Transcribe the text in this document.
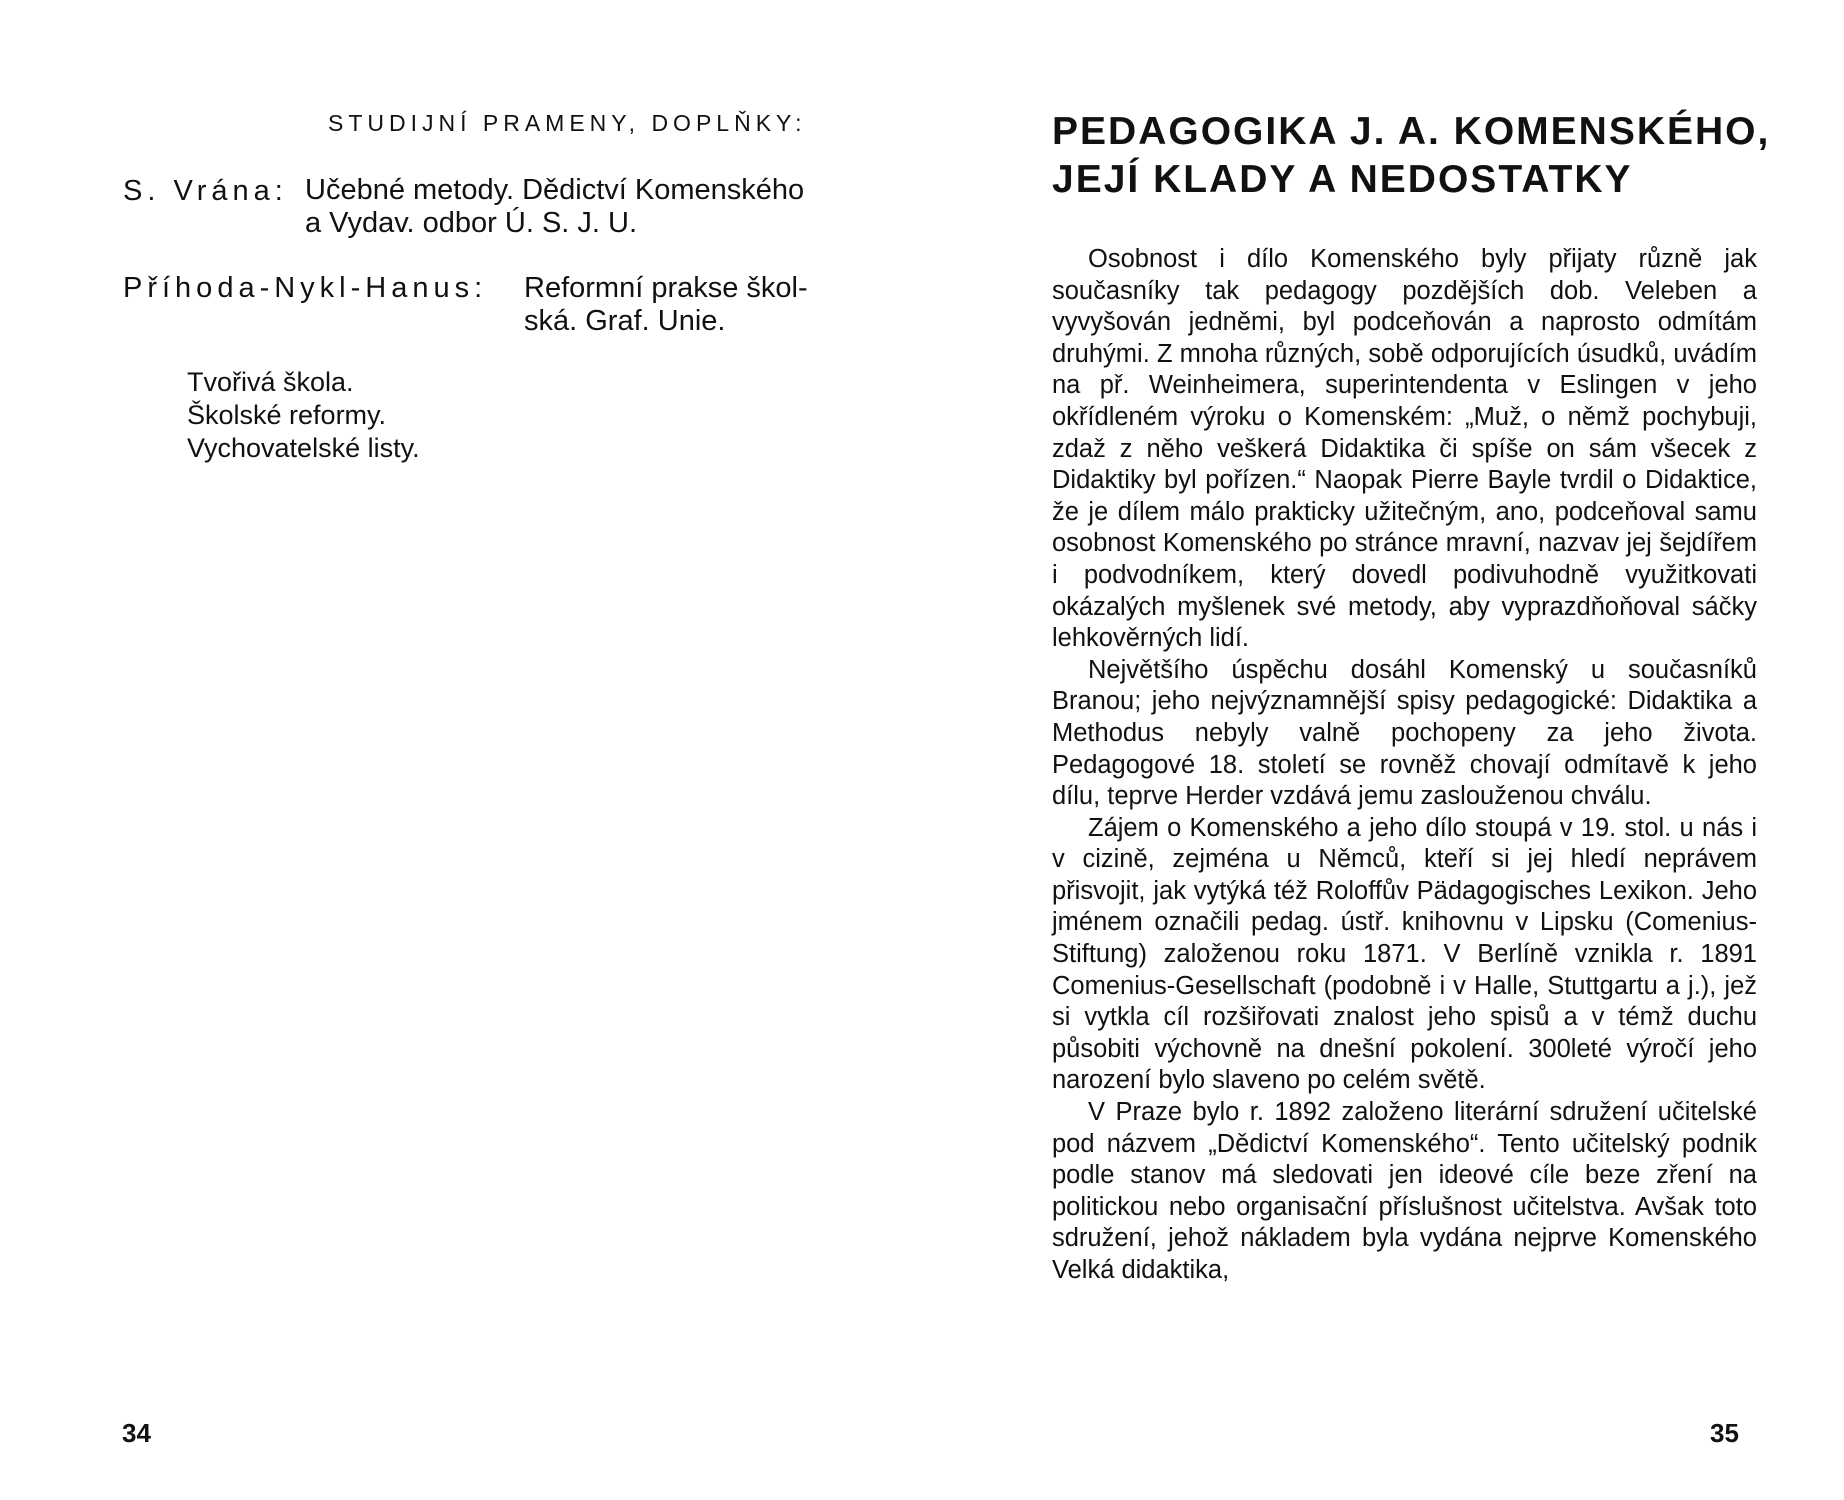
STUDIJNÍ PRAMENY, DOPLŇKY:
S. Vrána: Učebné metody. Dědictví Komenského
a Vydav. odbor Ú. S. J. U.
Příhoda-Nykl-Hanus: Reformní prakse škol-
ská. Graf. Unie.
Tvořivá škola.
Školské reformy.
Vychovatelské listy.
34
PEDAGOGIKA J. A. KOMENSKÉHO,
JEJÍ KLADY A NEDOSTATKY

Osobnost i dílo Komenského byly přijaty různě jak současníky tak pedagogy pozdějších dob. Veleben a vyvyšován jedněmi, byl podceňován a naprosto odmítám druhými. Z mnoha různých, sobě odporujících úsudků, uvádím na př. Weinheimera, superintendenta v Eslingen v jeho okřídleném výroku o Komenském: „Muž, o němž pochybuji, zdaž z něho veškerá Didaktika či spíše on sám všecek z Didaktiky byl pořízen.“ Naopak Pierre Bayle tvrdil o Didaktice, že je dílem málo prakticky užitečným, ano, podceňoval samu osobnost Komenského po stránce mravní, nazvav jej šejdířem i podvodníkem, který dovedl podivuhodně využitkovati okázalých myšlenek své metody, aby vyprazdňoňoval sáčky lehkověrných lidí.

Největšího úspěchu dosáhl Komenský u současníků Branou; jeho nejvýznamnější spisy pedagogické: Didaktika a Methodus nebyly valně pochopeny za jeho života. Pedagogové 18. století se rovněž chovají odmítavě k jeho dílu, teprve Herder vzdává jemu zaslouženou chválu.

Zájem o Komenského a jeho dílo stoupá v 19. stol. u nás i v cizině, zejména u Němců, kteří si jej hledí neprávem přisvojit, jak vytýká též Roloffův Pädagogisches Lexikon. Jeho jménem označili pedag. ústř. knihovnu v Lipsku (Comenius-Stiftung) založenou roku 1871. V Berlíně vznikla r. 1891 Comenius-Gesellschaft (podobně i v Halle, Stuttgartu a j.), jež si vytkla cíl rozšiřovati znalost jeho spisů a v témž duchu působiti výchovně na dnešní pokolení. 300leté výročí jeho narození bylo slaveno po celém světě.

V Praze bylo r. 1892 založeno literární sdružení učitelské pod názvem „Dědictví Komenského“. Tento učitelský podnik podle stanov má sledovati jen ideové cíle beze zření na politickou nebo organisační příslušnost učitelstva. Avšak toto sdružení, jehož nákladem byla vydána nejprve Komenského Velká didaktika,

35
